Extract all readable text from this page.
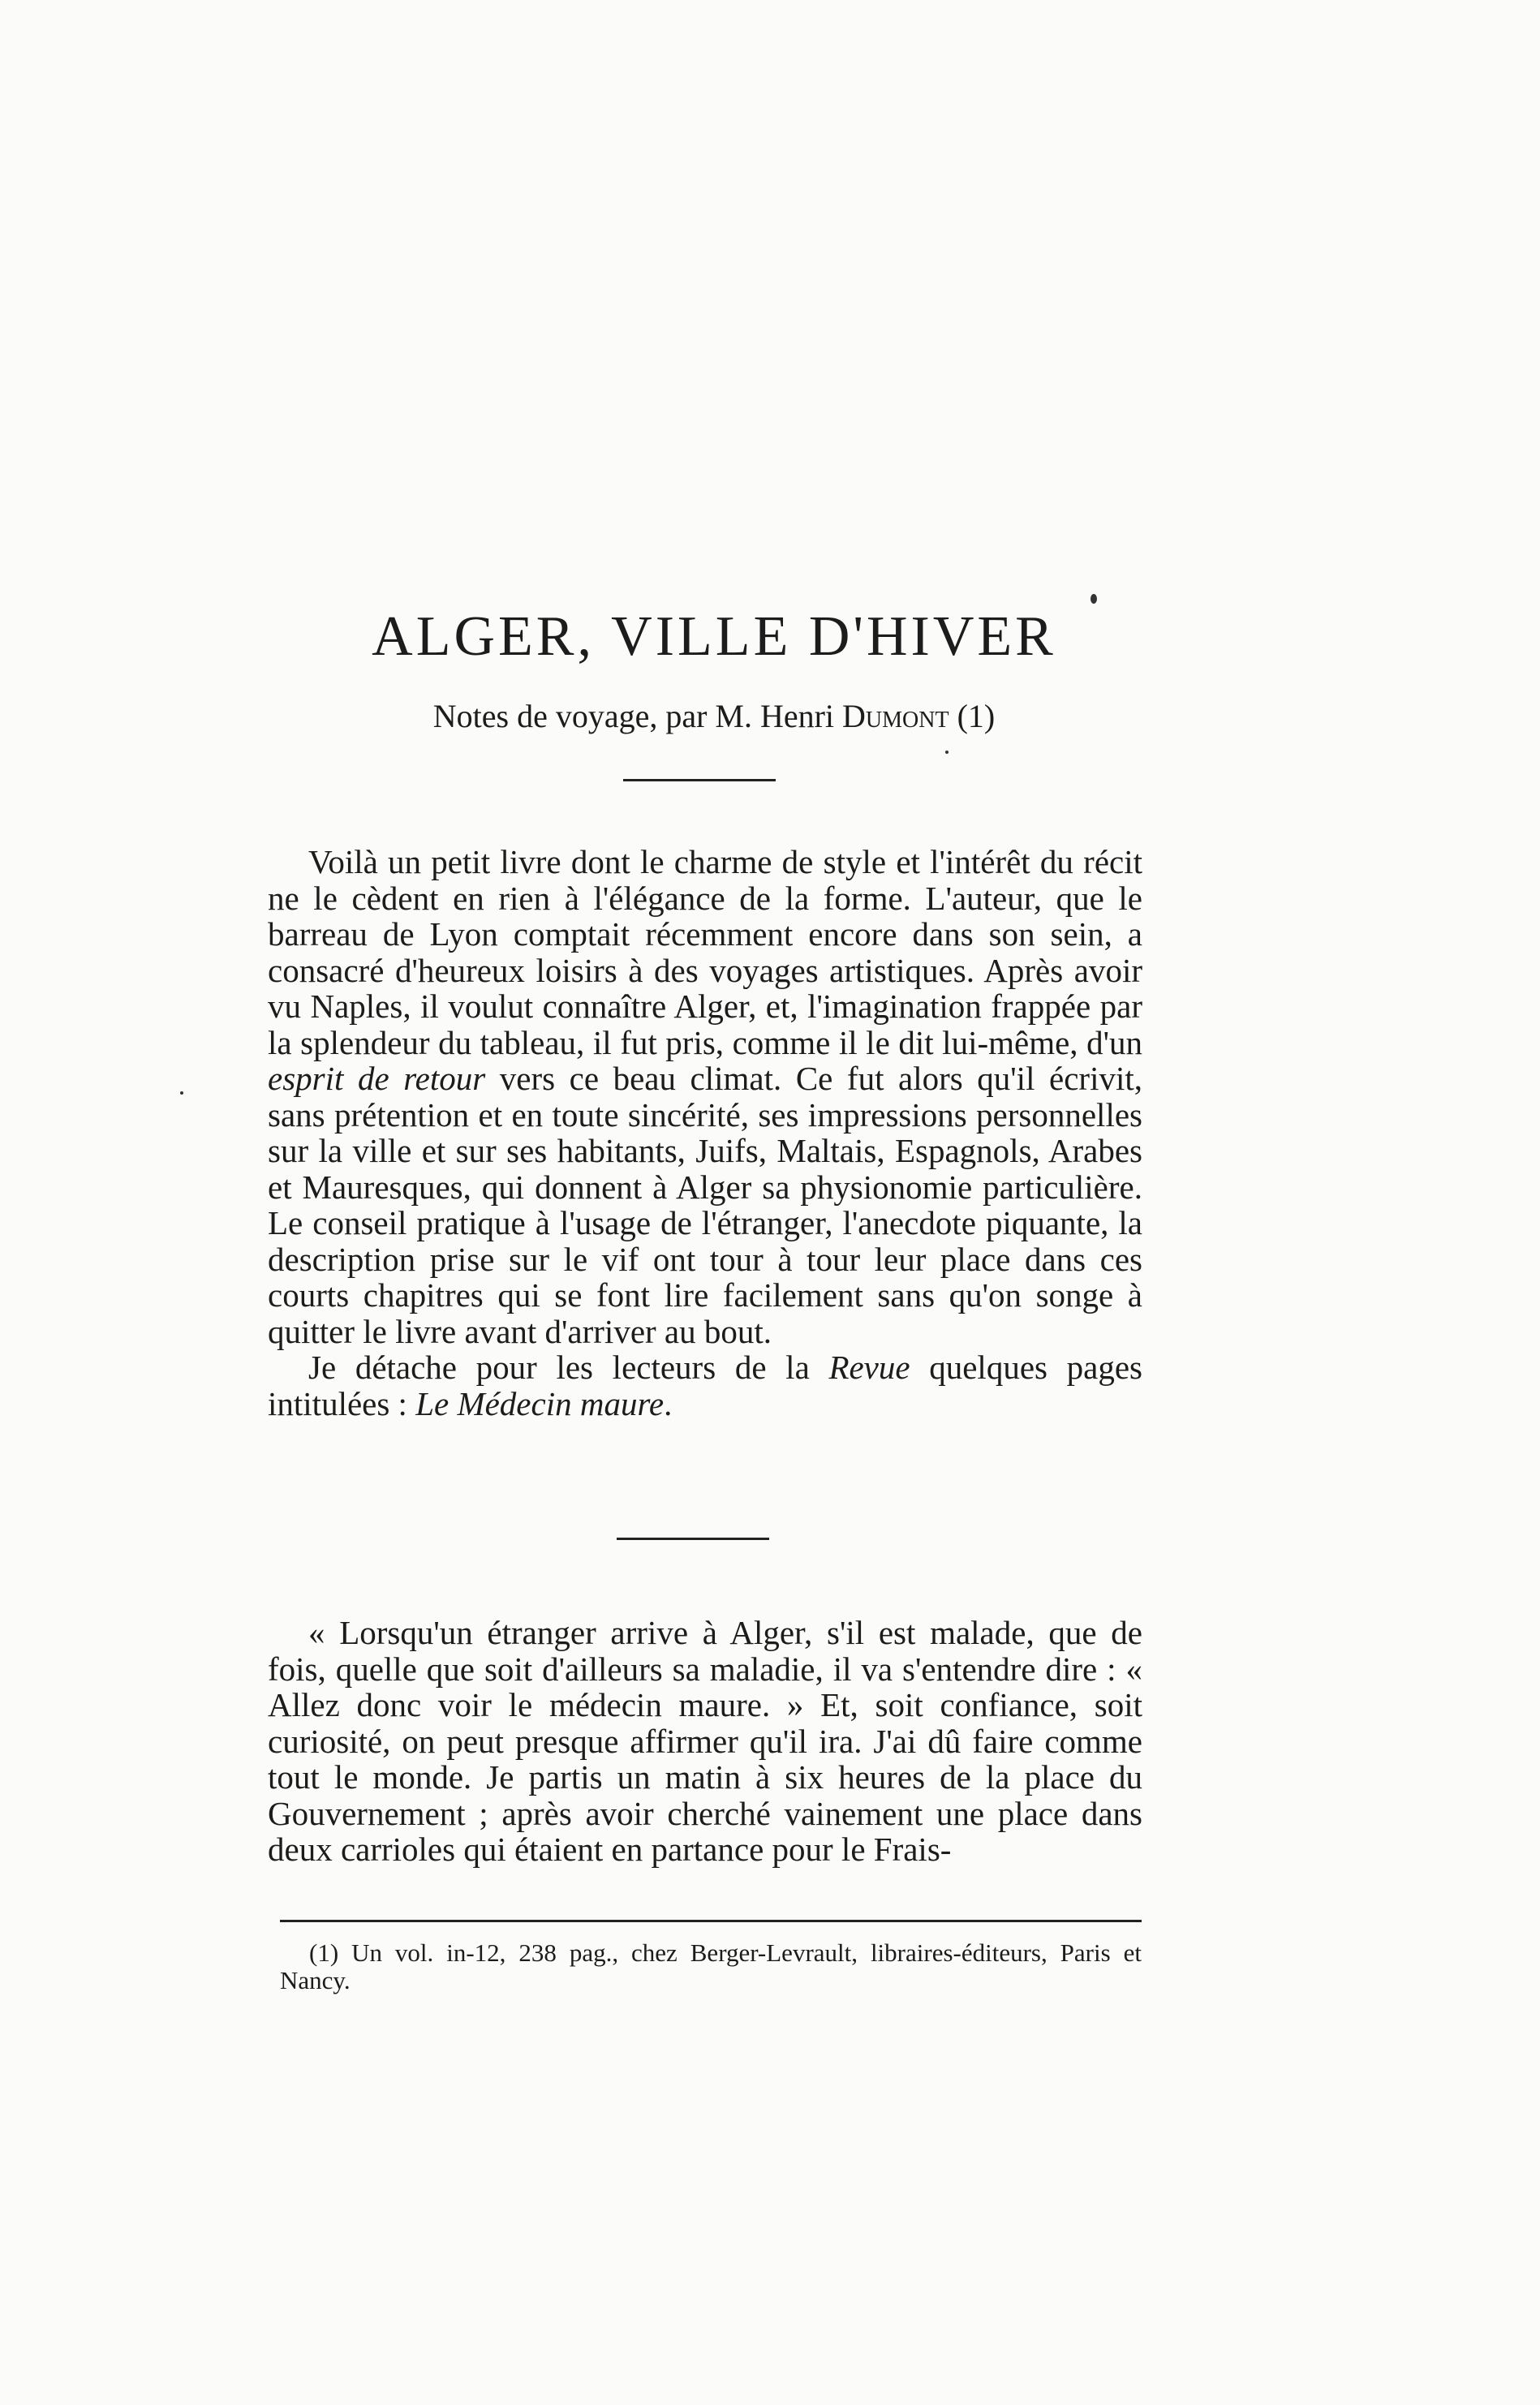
ALGER, VILLE D'HIVER

Notes de voyage, par M. Henri Dumont (1)

Voilà un petit livre dont le charme de style et l'intérêt du récit ne le cèdent en rien à l'élégance de la forme. L'auteur, que le barreau de Lyon comptait récemment encore dans son sein, a consacré d'heureux loisirs à des voyages artistiques. Après avoir vu Naples, il voulut connaître Alger, et, l'imagination frappée par la splendeur du tableau, il fut pris, comme il le dit lui-même, d'un esprit de retour vers ce beau climat. Ce fut alors qu'il écrivit, sans prétention et en toute sincérité, ses impressions personnelles sur la ville et sur ses habitants, Juifs, Maltais, Espagnols, Arabes et Mauresques, qui donnent à Alger sa physionomie particulière. Le conseil pratique à l'usage de l'étranger, l'anecdote piquante, la description prise sur le vif ont tour à tour leur place dans ces courts chapitres qui se font lire facilement sans qu'on songe à quitter le livre avant d'arriver au bout.

Je détache pour les lecteurs de la Revue quelques pages intitulées : Le Médecin maure.

« Lorsqu'un étranger arrive à Alger, s'il est malade, que de fois, quelle que soit d'ailleurs sa maladie, il va s'entendre dire : « Allez donc voir le médecin maure. » Et, soit confiance, soit curiosité, on peut presque affirmer qu'il ira. J'ai dû faire comme tout le monde. Je partis un matin à six heures de la place du Gouvernement ; après avoir cherché vainement une place dans deux carrioles qui étaient en partance pour le Frais-

(1) Un vol. in-12, 238 pag., chez Berger-Levrault, libraires-éditeurs, Paris et Nancy.
